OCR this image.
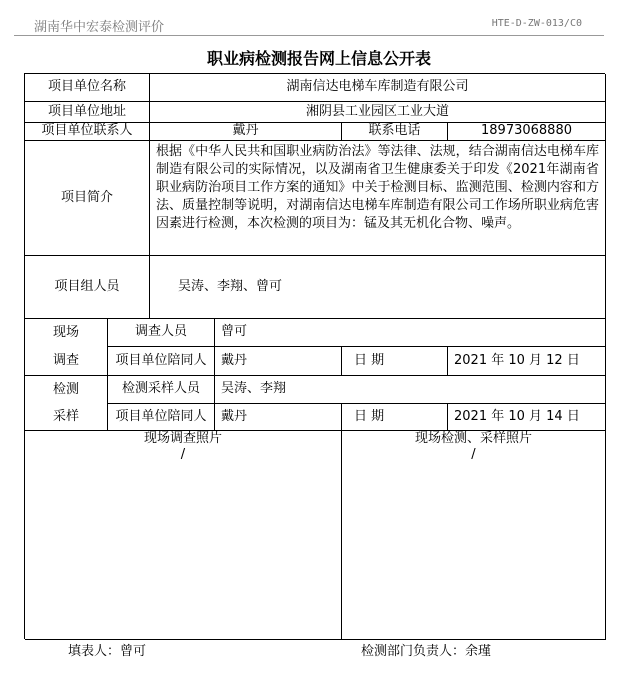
湖南华中宏泰检测评价	HTE-D-ZW-013/C0
职业病检测报告网上信息公开表
项目单位名称	湖南信达电梯车库制造有限公司
项目单位地址	湘阴县工业园区工业大道
项目单位联系人	戴丹	联系电话	18973068880
项目简介
根据《中华人民共和国职业病防治法》等法律、法规，结合湖南信达电梯车库制造有限公司的实际情况，以及湖南省卫生健康委关于印发《2021年湖南省职业病防治项目工作方案的通知》中关于检测目标、监测范围、检测内容和方法、质量控制等说明，对湖南信达电梯车库制造有限公司工作场所职业病危害因素进行检测，本次检测的项目为：锰及其无机化合物、噪声。
项目组人员	吴涛、李翔、曾可
现场
调查
调查人员	曾可
项目单位陪同人	戴丹	日 期	2021 年 10 月 12 日
检测
采样
检测采样人员	吴涛、李翔
项目单位陪同人	戴丹	日 期	2021 年 10 月 14 日
现场调查照片
/
现场检测、采样照片
/
填表人：曾可	检测部门负责人：余瑾
